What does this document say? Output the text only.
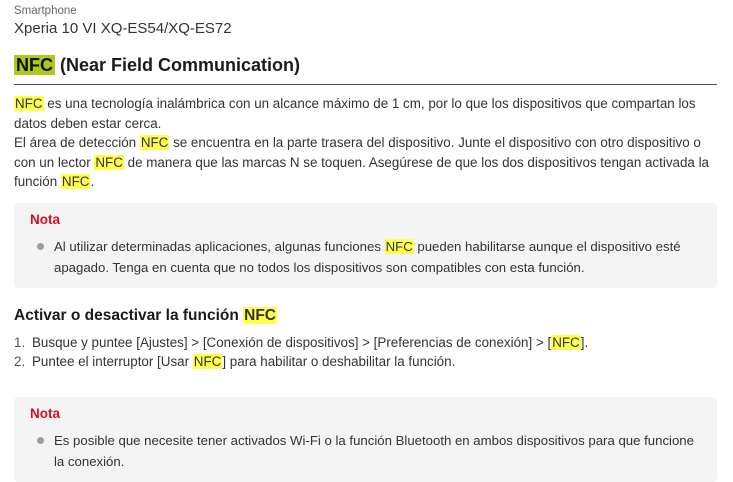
Smartphone
Xperia 10 VI XQ-ES54/XQ-ES72
NFC (Near Field Communication)

NFC es una tecnología inalámbrica con un alcance máximo de 1 cm, por lo que los dispositivos que compartan los datos deben estar cerca.

El área de detección NFC se encuentra en la parte trasera del dispositivo. Junte el dispositivo con otro dispositivo o con un lector NFC de manera que las marcas N se toquen. Asegúrese de que los dos dispositivos tengan activada la función NFC.

Nota
Al utilizar determinadas aplicaciones, algunas funciones NFC pueden habilitarse aunque el dispositivo esté apagado. Tenga en cuenta que no todos los dispositivos son compatibles con esta función.
Activar o desactivar la función NFC
1. Busque y puntee [Ajustes] > [Conexión de dispositivos] > [Preferencias de conexión] > [NFC].
2. Puntee el interruptor [Usar NFC] para habilitar o deshabilitar la función.
Nota
Es posible que necesite tener activados Wi-Fi o la función Bluetooth en ambos dispositivos para que funcione la conexión.
